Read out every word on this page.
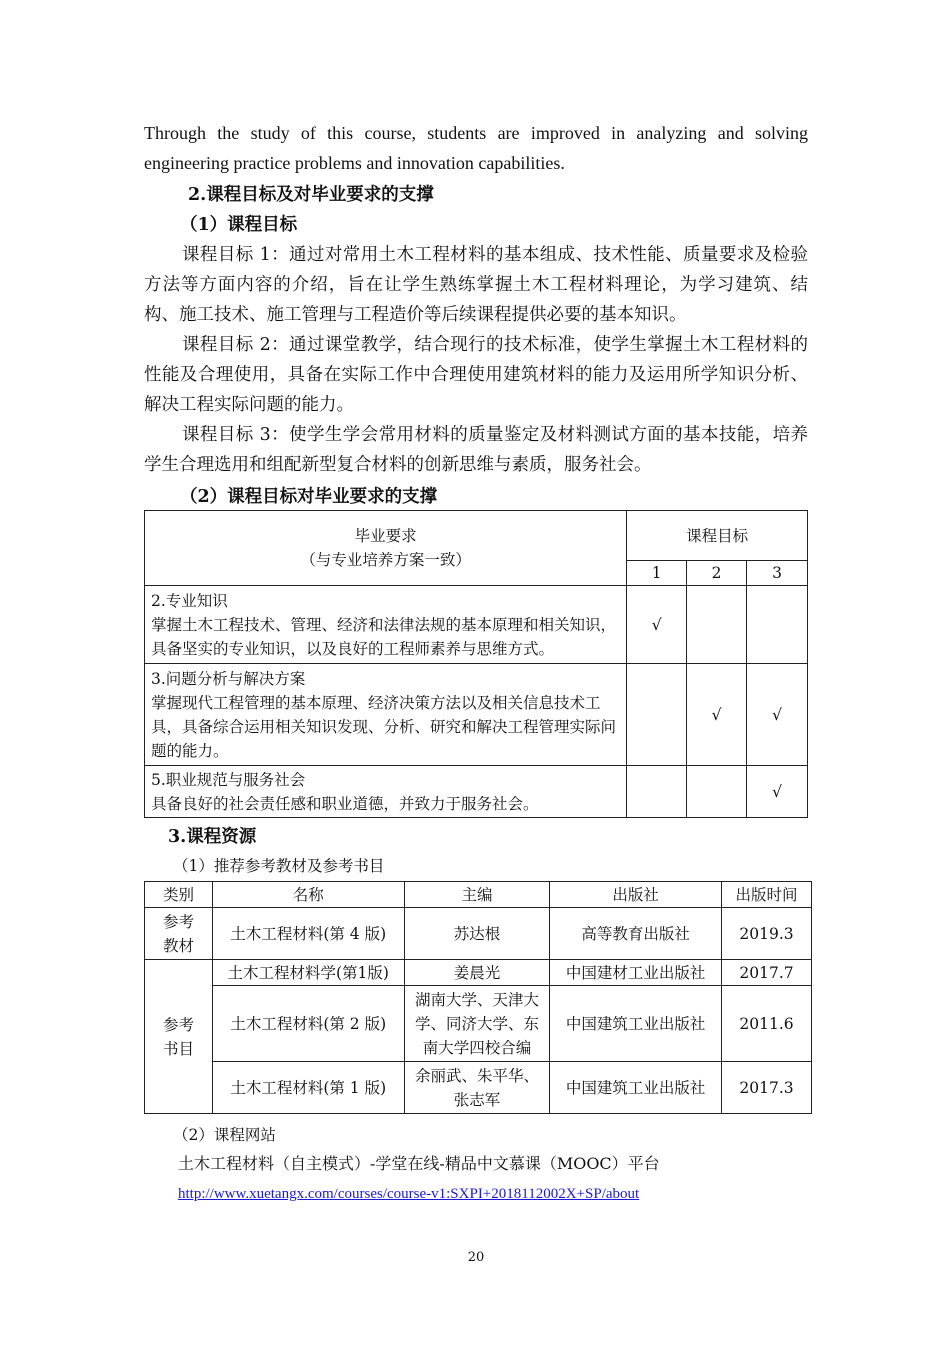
Through the study of this course, students are improved in analyzing and solving engineering practice problems and innovation capabilities.

2.课程目标及对毕业要求的支撑

（1）课程目标

课程目标 1：通过对常用土木工程材料的基本组成、技术性能、质量要求及检验方法等方面内容的介绍，旨在让学生熟练掌握土木工程材料理论，为学习建筑、结构、施工技术、施工管理与工程造价等后续课程提供必要的基本知识。

课程目标 2：通过课堂教学，结合现行的技术标准，使学生掌握土木工程材料的性能及合理使用，具备在实际工作中合理使用建筑材料的能力及运用所学知识分析、解决工程实际问题的能力。

课程目标 3：使学生学会常用材料的质量鉴定及材料测试方面的基本技能，培养学生合理选用和组配新型复合材料的创新思维与素质，服务社会。

（2）课程目标对毕业要求的支撑

毕业要求
（与专业培养方案一致）	课程目标		
	1	2	3

2.专业知识
掌握土木工程技术、管理、经济和法律法规的基本原理和相关知识，具备坚实的专业知识，以及良好的工程师素养与思维方式。	√		

3.问题分析与解决方案
掌握现代工程管理的基本原理、经济决策方法以及相关信息技术工具，具备综合运用相关知识发现、分析、研究和解决工程管理实际问题的能力。		√	√

5.职业规范与服务社会
具备良好的社会责任感和职业道德，并致力于服务社会。			√

3.课程资源

（1）推荐参考教材及参考书目

类别	名称	主编	出版社	出版时间
参考
教材	土木工程材料(第 4 版)	苏达根	高等教育出版社	2019.3
参考
书目	土木工程材料学(第1版)	姜晨光	中国建材工业出版社	2017.7
	土木工程材料(第 2 版)	湖南大学、天津大学、同济大学、东南大学四校合编	中国建筑工业出版社	2011.6
	土木工程材料(第 1 版)	余丽武、朱平华、张志军	中国建筑工业出版社	2017.3

（2）课程网站

土木工程材料（自主模式）-学堂在线-精品中文慕课（MOOC）平台

http://www.xuetangx.com/courses/course-v1:SXPI+2018112002X+SP/about

20
